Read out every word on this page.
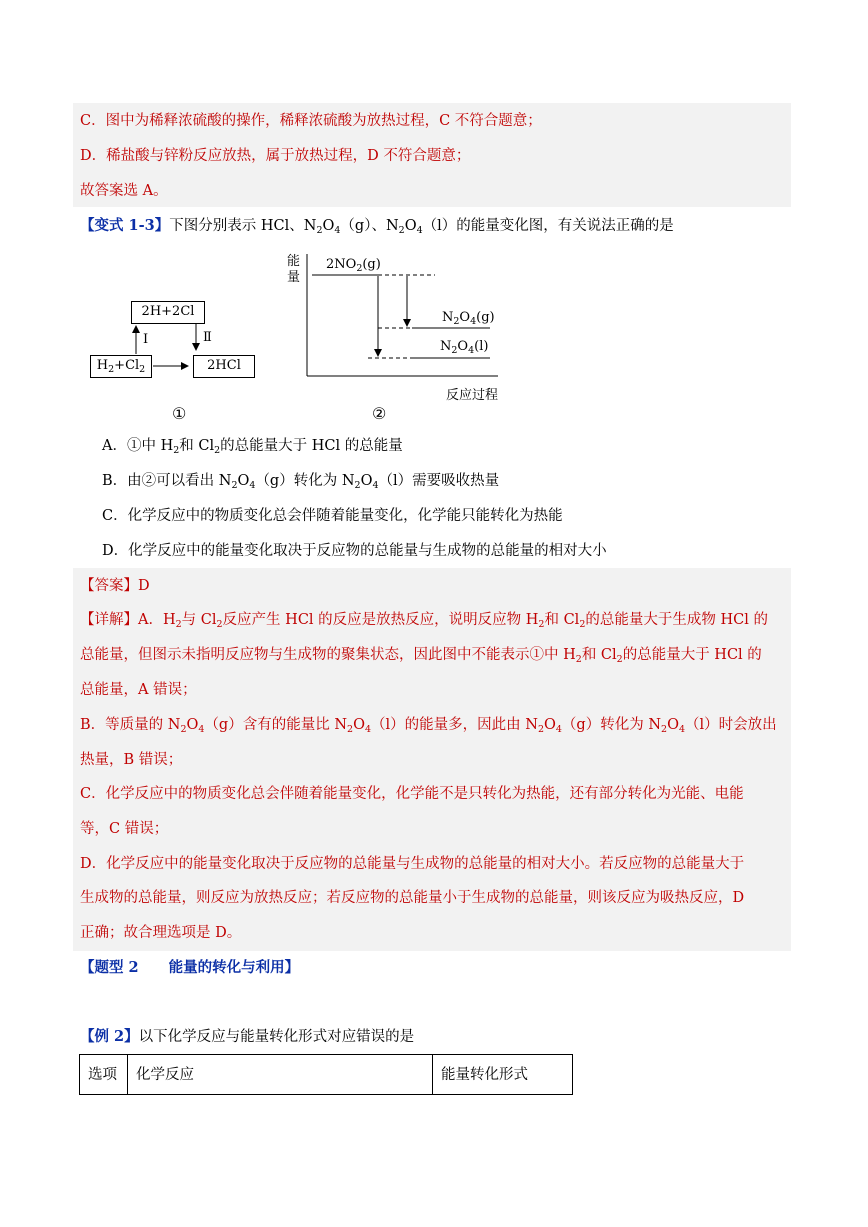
C．图中为稀释浓硫酸的操作，稀释浓硫酸为放热过程，C 不符合题意；
D．稀盐酸与锌粉反应放热，属于放热过程，D 不符合题意；
故答案选 A。
【变式 1-3】下图分别表示 HCl、$N_2O_4(g)$、$N_2O_4(l)$的能量变化图，有关说法正确的是
2H+2Cl
$H_2+Cl_2$	2HCl
Ⅰ	Ⅱ
①
能
量
$2NO_2(g)$
$N_2O_4(g)$
$N_2O_4(l)$
反应过程
②
A．①中 $H_2$和 $Cl_2$的总能量大于 HCl 的总能量
B．由②可以看出 $N_2O_4(g)$转化为 $N_2O_4(l)$需要吸收热量
C．化学反应中的物质变化总会伴随着能量变化，化学能只能转化为热能
D．化学反应中的能量变化取决于反应物的总能量与生成物的总能量的相对大小
【答案】D
【详解】A．$H_2$与 $Cl_2$反应产生 HCl 的反应是放热反应，说明反应物 $H_2$和 $Cl_2$的总能量大于生成物 HCl 的
总能量，但图示未指明反应物与生成物的聚集状态，因此图中不能表示①中 $H_2$和 $Cl_2$的总能量大于 HCl 的
总能量，A 错误；
B．等质量的 $N_2O_4(g)$含有的能量比 $N_2O_4(l)$的能量多，因此由 $N_2O_4(g)$转化为 $N_2O_4(l)$时会放出
热量，B 错误；
C．化学反应中的物质变化总会伴随着能量变化，化学能不是只转化为热能，还有部分转化为光能、电能
等，C 错误；
D．化学反应中的能量变化取决于反应物的总能量与生成物的总能量的相对大小。若反应物的总能量大于
生成物的总能量，则反应为放热反应；若反应物的总能量小于生成物的总能量，则该反应为吸热反应，D
正确；故合理选项是 D。
【题型 2 能量的转化与利用】
【例 2】以下化学反应与能量转化形式对应错误的是
选项	化学反应	能量转化形式
